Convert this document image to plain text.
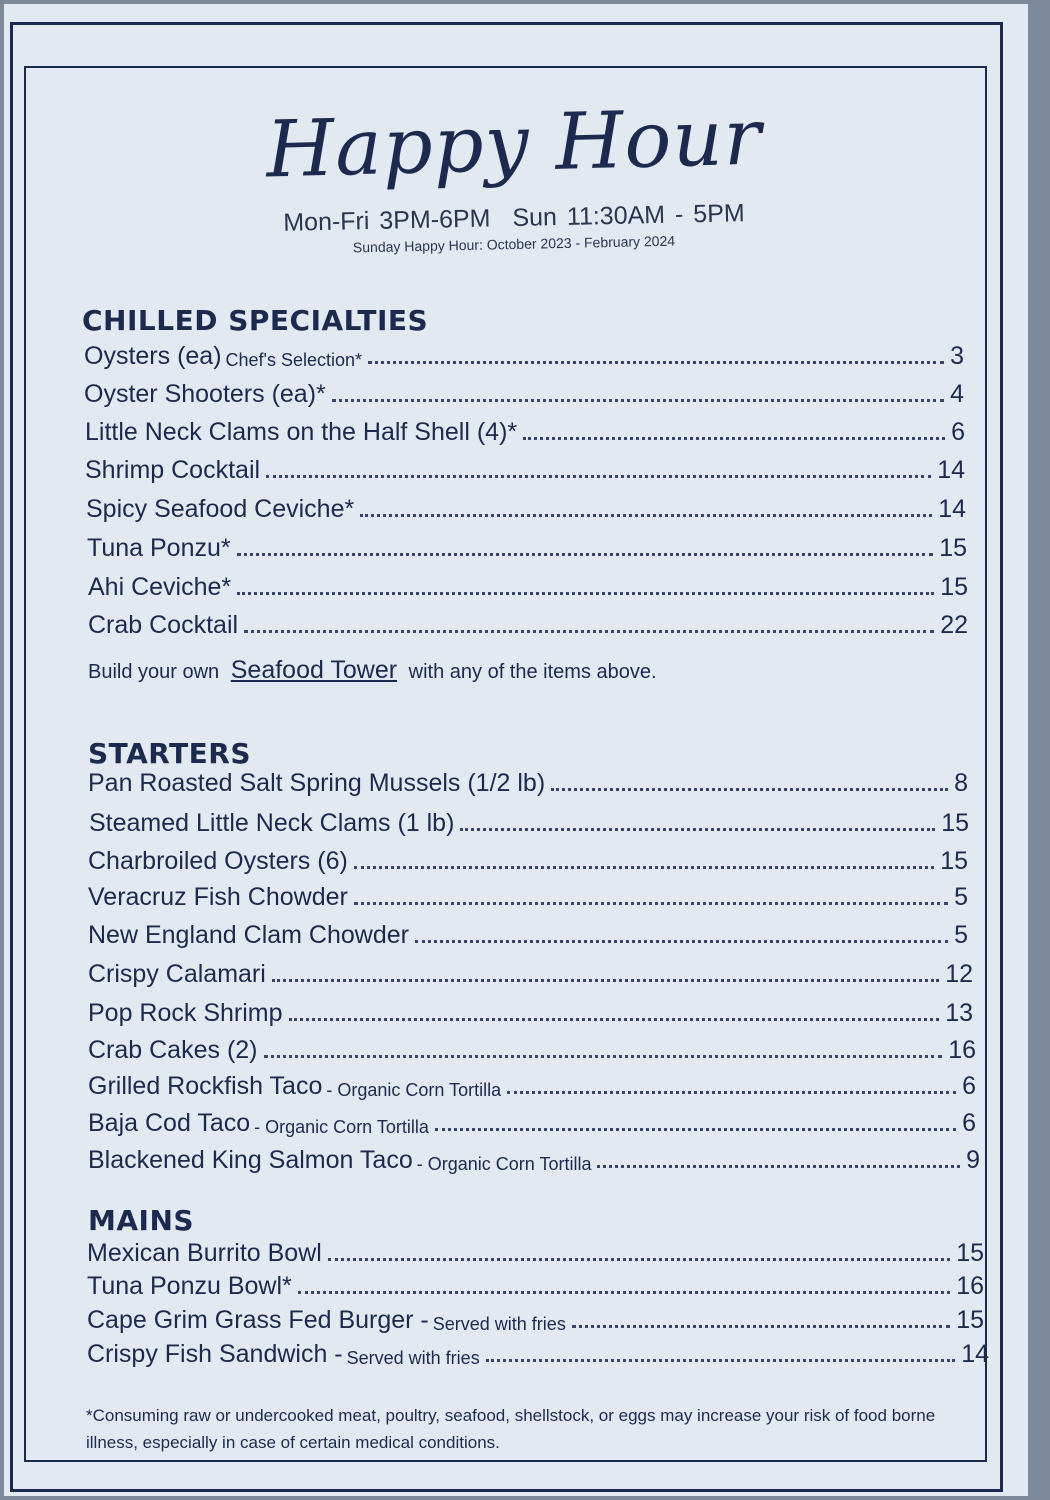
Happy Hour
Mon-Fri 3PM-6PM Sun 11:30AM - 5PM
Sunday Happy Hour: October 2023 - February 2024
CHILLED SPECIALTIES
Oysters (ea) Chef's Selection*	3
Oyster Shooters (ea)*	4
Little Neck Clams on the Half Shell (4)*	6
Shrimp Cocktail	14
Spicy Seafood Ceviche*	14
Tuna Ponzu*	15
Ahi Ceviche*	15
Crab Cocktail	22
Build your own Seafood Tower with any of the items above.
STARTERS
Pan Roasted Salt Spring Mussels (1/2 lb)	8
Steamed Little Neck Clams (1 lb)	15
Charbroiled Oysters (6)	15
Veracruz Fish Chowder	5
New England Clam Chowder	5
Crispy Calamari	12
Pop Rock Shrimp	13
Crab Cakes (2)	16
Grilled Rockfish Taco - Organic Corn Tortilla	6
Baja Cod Taco - Organic Corn Tortilla	6
Blackened King Salmon Taco - Organic Corn Tortilla	9
MAINS
Mexican Burrito Bowl	15
Tuna Ponzu Bowl*	16
Cape Grim Grass Fed Burger - Served with fries	15
Crispy Fish Sandwich - Served with fries	14
*Consuming raw or undercooked meat, poultry, seafood, shellstock, or eggs may increase your risk of food borne illness, especially in case of certain medical conditions.
